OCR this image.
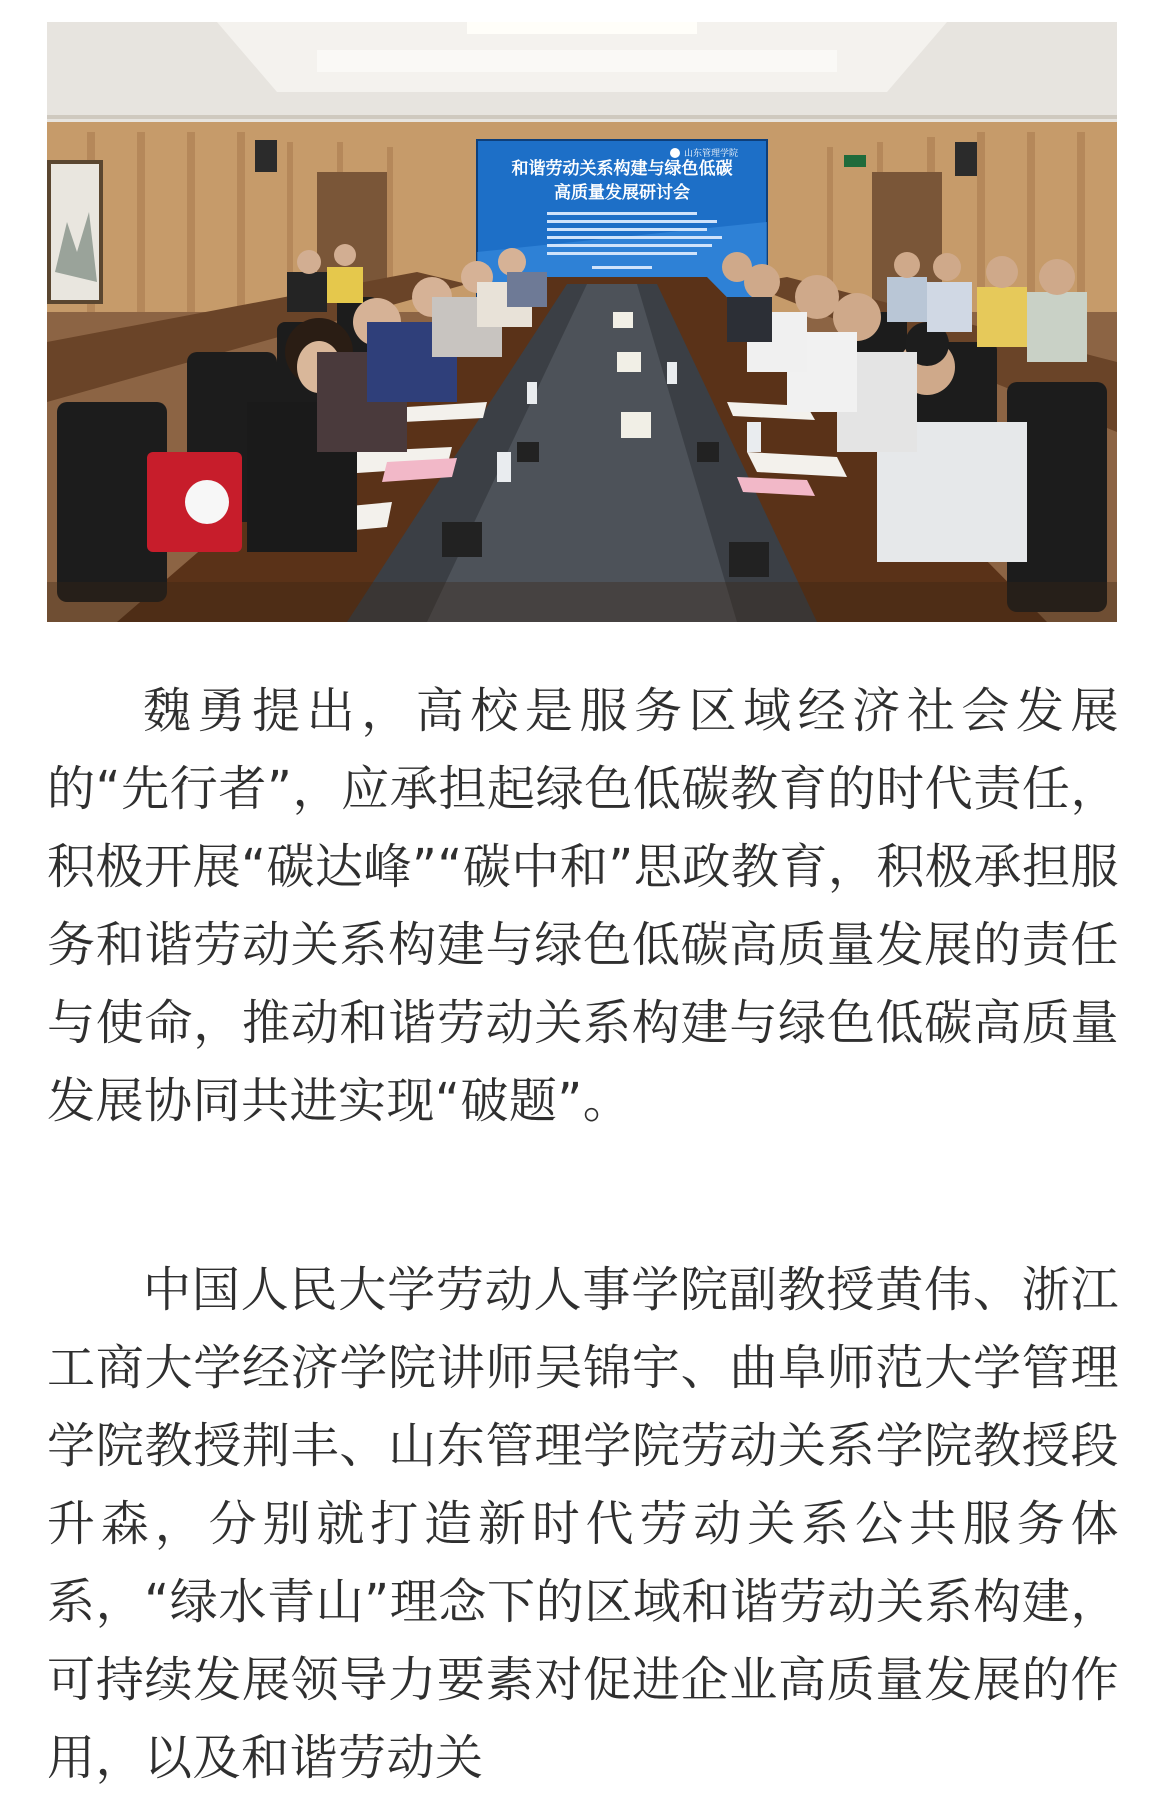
和谐劳动关系构建与绿色低碳
高质量发展研讨会
山东管理学院

魏勇提出，高校是服务区域经济社会发展的“先行者”，应承担起绿色低碳教育的时代责任，积极开展“碳达峰”“碳中和”思政教育，积极承担服务和谐劳动关系构建与绿色低碳高质量发展的责任与使命，推动和谐劳动关系构建与绿色低碳高质量发展协同共进实现“破题”。

中国人民大学劳动人事学院副教授黄伟、浙江工商大学经济学院讲师吴锦宇、曲阜师范大学管理学院教授荆丰、山东管理学院劳动关系学院教授段升森，分别就打造新时代劳动关系公共服务体系，“绿水青山”理念下的区域和谐劳动关系构建，可持续发展领导力要素对促进企业高质量发展的作用，以及和谐劳动关
